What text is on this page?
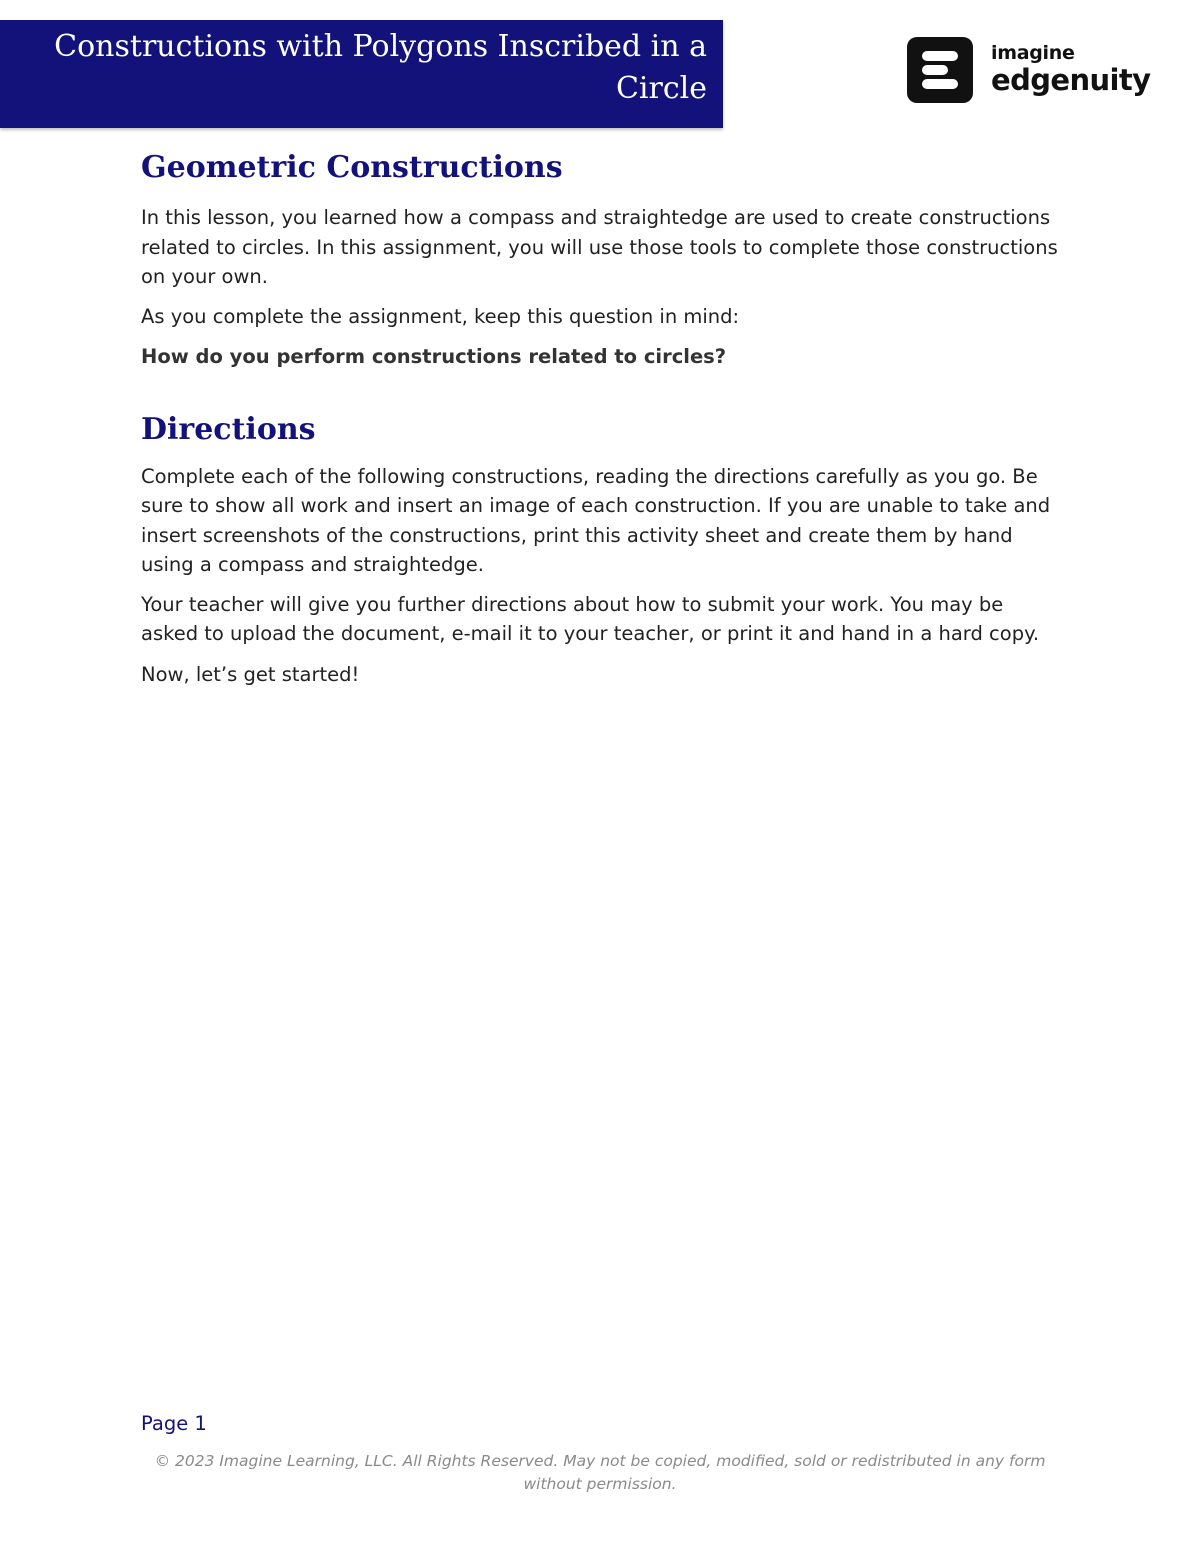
Constructions with Polygons Inscribed in a
Circle
imagine
edgenuity
Geometric Constructions

In this lesson, you learned how a compass and straightedge are used to create constructions related to circles. In this assignment, you will use those tools to complete those constructions on your own.

As you complete the assignment, keep this question in mind:

How do you perform constructions related to circles?

Directions

Complete each of the following constructions, reading the directions carefully as you go. Be sure to show all work and insert an image of each construction. If you are unable to take and insert screenshots of the constructions, print this activity sheet and create them by hand using a compass and straightedge.

Your teacher will give you further directions about how to submit your work. You may be asked to upload the document, e-mail it to your teacher, or print it and hand in a hard copy.

Now, let’s get started!

Page 1
© 2023 Imagine Learning, LLC. All Rights Reserved. May not be copied, modified, sold or redistributed in any form
without permission.
